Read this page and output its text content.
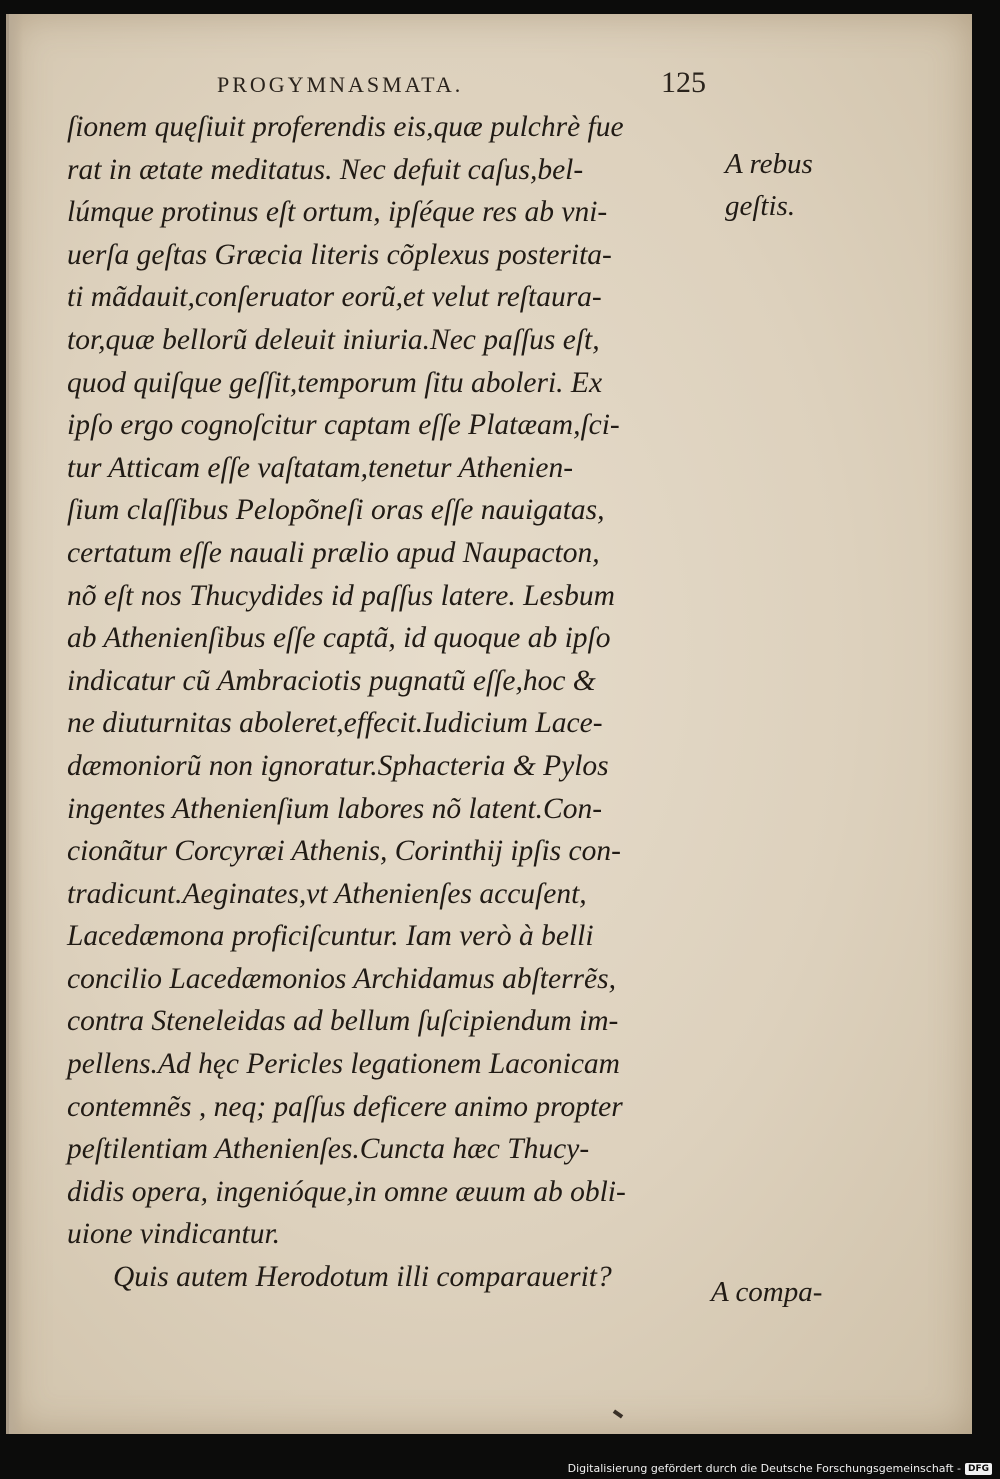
PROGYMNASMATA.	125
ſionem quęſiuit proferendis eis,quæ pulchrè fue
rat in ætate meditatus. Nec defuit caſus,bel-
lúmque protinus eſt ortum, ipſéque res ab vni-
uerſa geſtas Græcia literis cõplexus posterita-
ti mãdauit,conſeruator eorũ,et velut reſtaura-
tor,quæ bellorũ deleuit iniuria.Nec paſſus eſt,
quod quiſque geſſit,temporum ſitu aboleri. Ex
ipſo ergo cognoſcitur captam eſſe Platæam,ſci-
tur Atticam eſſe vaſtatam,tenetur Athenien-
ſium claſſibus Pelopõneſi oras eſſe nauigatas,
certatum eſſe nauali prælio apud Naupacton,
nõ eſt nos Thucydides id paſſus latere. Lesbum
ab Athenienſibus eſſe captã, id quoque ab ipſo
indicatur cũ Ambraciotis pugnatũ eſſe,hoc &
ne diuturnitas aboleret,effecit.Iudicium Lace-
dæmoniorũ non ignoratur.Sphacteria & Pylos
ingentes Athenienſium labores nõ latent.Con-
cionãtur Corcyræi Athenis, Corinthij ipſis con-
tradicunt.Aeginates,vt Athenienſes accuſent,
Lacedæmona proficiſcuntur. Iam verò à belli
concilio Lacedæmonios Archidamus abſterrẽs,
contra Steneleidas ad bellum ſuſcipiendum im-
pellens.Ad hęc Pericles legationem Laconicam
contemnẽs , neq; paſſus deficere animo propter
peſtilentiam Athenienſes.Cuncta hæc Thucy-
didis opera, ingenióque,in omne æuum ab obli-
uione vindicantur.
Quis autem Herodotum illi comparauerit?
A rebus
geſtis.
A compa-
Digitalisierung gefördert durch die Deutsche Forschungsgemeinschaft - DFG
